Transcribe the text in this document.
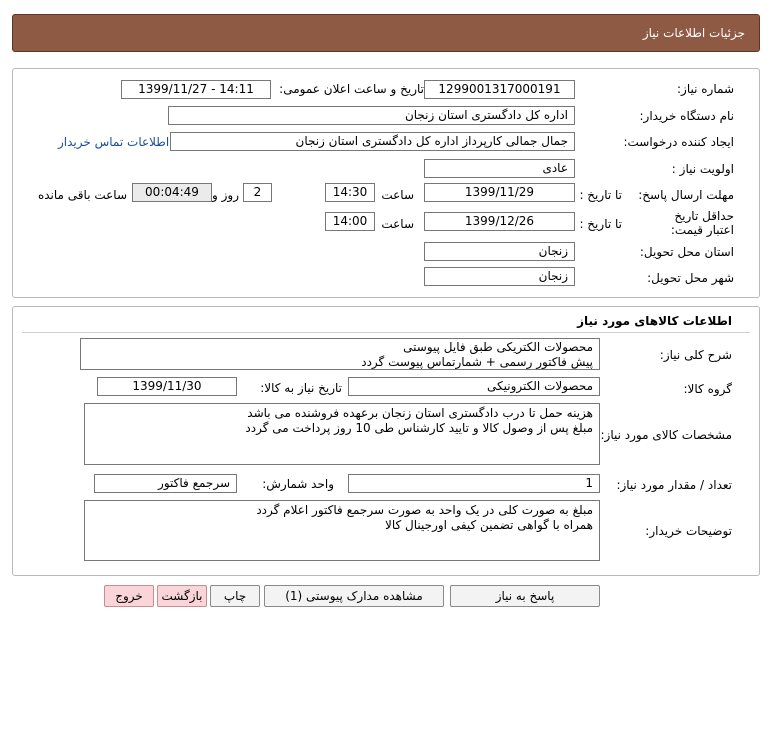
جزئیات اطلاعات نیاز
شماره نیاز:
1299001317000191
تاریخ و ساعت اعلان عمومی:
1399/11/27 - 14:11
نام دستگاه خریدار:
اداره کل دادگستری استان زنجان
ایجاد کننده درخواست:
جمال جمالی کارپرداز اداره کل دادگستری استان زنجان
اطلاعات تماس خریدار
اولویت نیاز :
عادی
مهلت ارسال پاسخ:
تا تاریخ :
1399/11/29
ساعت
14:30
2
روز و
00:04:49
ساعت باقی مانده
حداقل تاریخ اعتبار قیمت:
تا تاریخ :
1399/12/26
ساعت
14:00
استان محل تحویل:
زنجان
شهر محل تحویل:
زنجان
اطلاعات کالاهای مورد نیاز
شرح کلی نیاز:
محصولات الکتریکی طبق فایل پیوستی
پیش فاکتور رسمی + شمارتماس پیوست گردد
گروه کالا:
محصولات الکترونیکی
تاریخ نیاز به کالا:
1399/11/30
مشخصات کالای مورد نیاز:
هزینه حمل تا درب دادگستری استان زنجان برعهده فروشنده می باشد
مبلغ پس از وصول کالا و تایید کارشناس طی 10 روز پرداخت می گردد
تعداد / مقدار مورد نیاز:
1
واحد شمارش:
سرجمع فاکتور
توضیحات خریدار:
مبلغ به صورت کلی در یک واحد به صورت سرجمع فاکتور اعلام گردد
همراه با گواهی تضمین کیفی اورجینال کالا
پاسخ به نیاز
مشاهده مدارک پیوستی (1)
چاپ
بازگشت
خروج
